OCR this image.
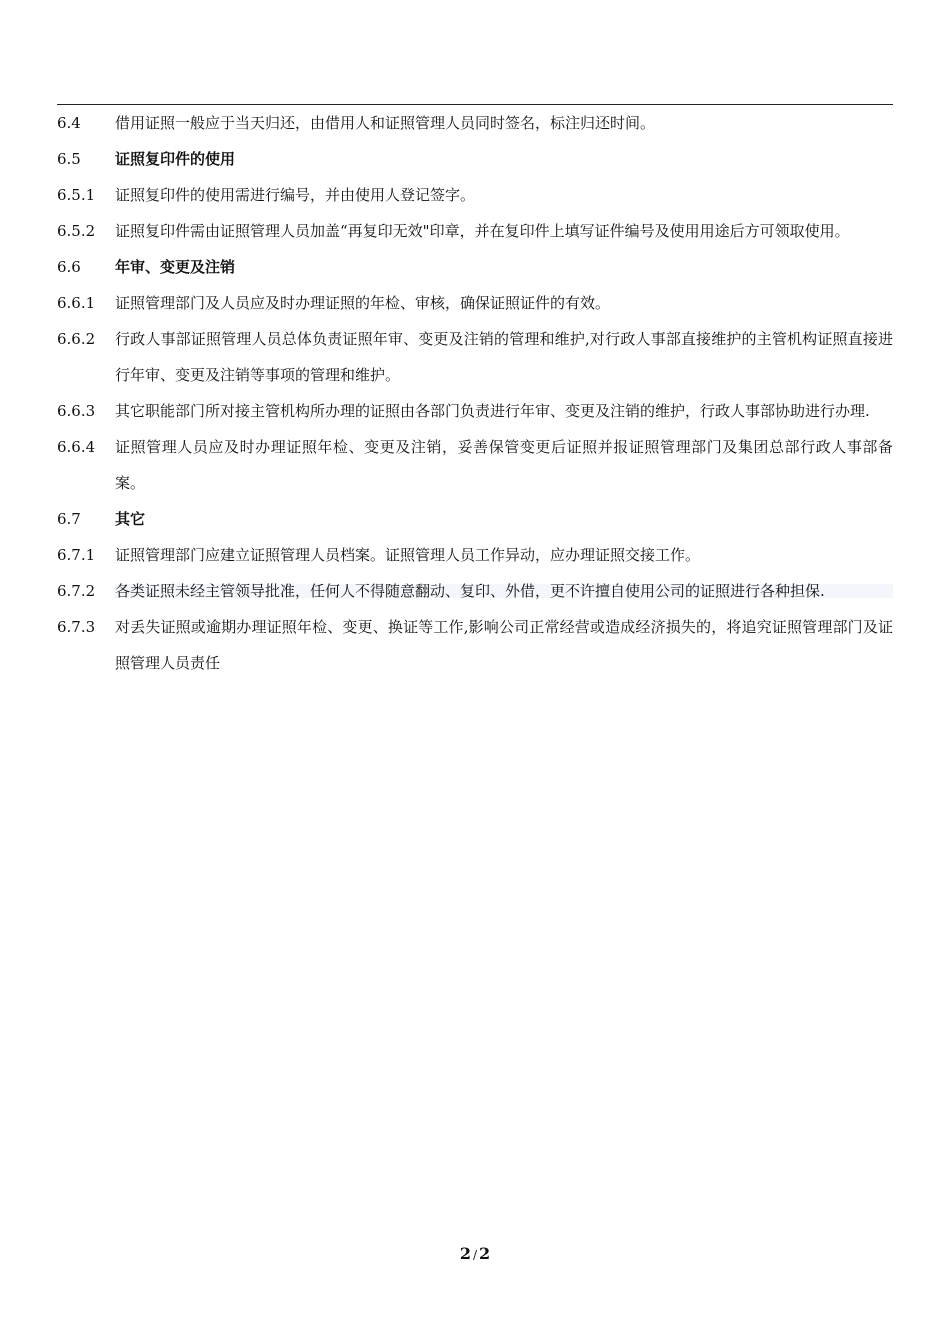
6.4	借用证照一般应于当天归还，由借用人和证照管理人员同时签名，标注归还时间。
6.5	证照复印件的使用
6.5.1	证照复印件的使用需进行编号，并由使用人登记签字。
6.5.2	证照复印件需由证照管理人员加盖“再复印无效"印章，并在复印件上填写证件编号及使用用途后方可领取使用。
6.6	年审、变更及注销
6.6.1	证照管理部门及人员应及时办理证照的年检、审核，确保证照证件的有效。
6.6.2	行政人事部证照管理人员总体负责证照年审、变更及注销的管理和维护,对行政人事部直接维护的主管机构证照直接进行年审、变更及注销等事项的管理和维护。
6.6.3	其它职能部门所对接主管机构所办理的证照由各部门负责进行年审、变更及注销的维护，行政人事部协助进行办理.
6.6.4	证照管理人员应及时办理证照年检、变更及注销，妥善保管变更后证照并报证照管理部门及集团总部行政人事部备案。
6.7	其它
6.7.1	证照管理部门应建立证照管理人员档案。证照管理人员工作异动，应办理证照交接工作。
6.7.2	各类证照未经主管领导批准，任何人不得随意翻动、复印、外借，更不许擅自使用公司的证照进行各种担保.
6.7.3	对丢失证照或逾期办理证照年检、变更、换证等工作,影响公司正常经营或造成经济损失的，将追究证照管理部门及证照管理人员责任
2 / 2
